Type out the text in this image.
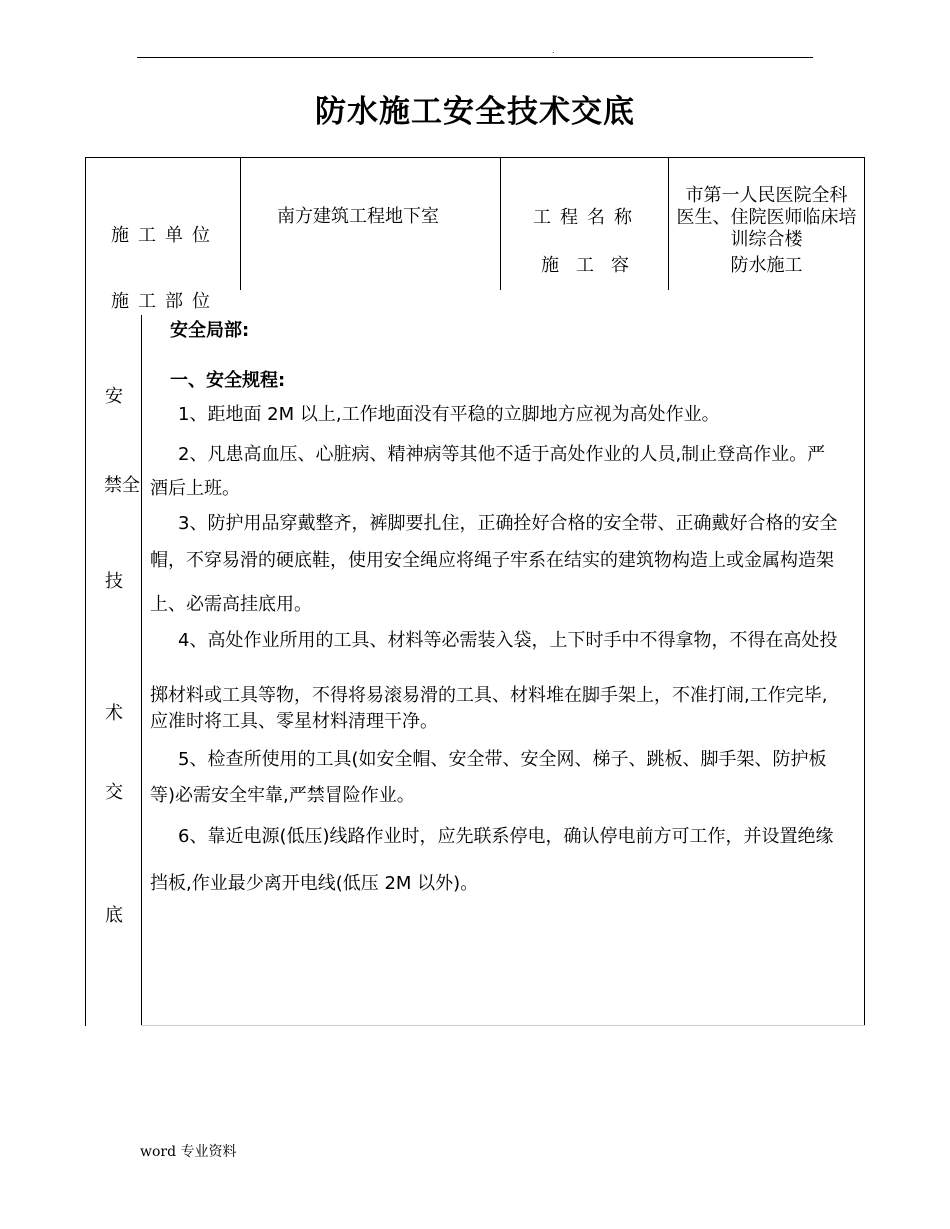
.
防水施工安全技术交底
施工单位
南方建筑工程地下室	工程名称
市第一人民医院全科
医生、住院医师临床培
训综合楼
施工容	防水施工
施工部位
安
禁全
技
术
交
底
安全局部:
一、安全规程:
1、距地面 2M 以上,工作地面没有平稳的立脚地方应视为高处作业。
2、凡患高血压、心脏病、精神病等其他不适于高处作业的人员,制止登高作业。严
酒后上班。
3、防护用品穿戴整齐，裤脚要扎住，正确拴好合格的安全带、正确戴好合格的安全
帽，不穿易滑的硬底鞋，使用安全绳应将绳子牢系在结实的建筑物构造上或金属构造架
上、必需高挂底用。
4、高处作业所用的工具、材料等必需装入袋，上下时手中不得拿物，不得在高处投
掷材料或工具等物，不得将易滚易滑的工具、材料堆在脚手架上，不准打闹,工作完毕,
应准时将工具、零星材料清理干净。
5、检查所使用的工具(如安全帽、安全带、安全网、梯子、跳板、脚手架、防护板
等)必需安全牢靠,严禁冒险作业。
6、靠近电源(低压)线路作业时，应先联系停电，确认停电前方可工作，并设置绝缘
挡板,作业最少离开电线(低压 2M 以外)。
word 专业资料
